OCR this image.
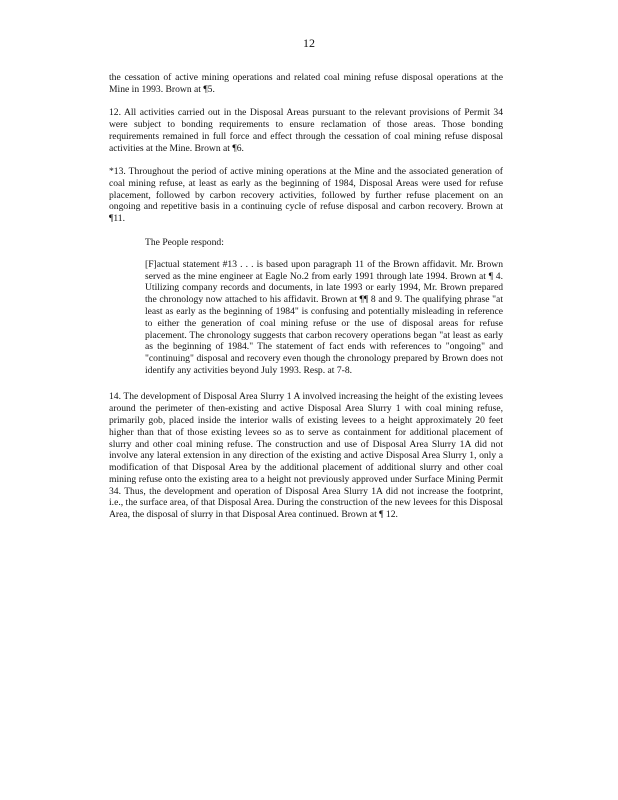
12

the cessation of active mining operations and related coal mining refuse disposal operations at the Mine in 1993. Brown at ¶5.

12. All activities carried out in the Disposal Areas pursuant to the relevant provisions of Permit 34 were subject to bonding requirements to ensure reclamation of those areas. Those bonding requirements remained in full force and effect through the cessation of coal mining refuse disposal activities at the Mine. Brown at ¶6.

*13. Throughout the period of active mining operations at the Mine and the associated generation of coal mining refuse, at least as early as the beginning of 1984, Disposal Areas were used for refuse placement, followed by carbon recovery activities, followed by further refuse placement on an ongoing and repetitive basis in a continuing cycle of refuse disposal and carbon recovery. Brown at ¶11.

The People respond:

[F]actual statement #13 . . . is based upon paragraph 11 of the Brown affidavit. Mr. Brown served as the mine engineer at Eagle No.2 from early 1991 through late 1994. Brown at ¶ 4. Utilizing company records and documents, in late 1993 or early 1994, Mr. Brown prepared the chronology now attached to his affidavit. Brown at ¶¶ 8 and 9. The qualifying phrase "at least as early as the beginning of 1984" is confusing and potentially misleading in reference to either the generation of coal mining refuse or the use of disposal areas for refuse placement. The chronology suggests that carbon recovery operations began "at least as early as the beginning of 1984." The statement of fact ends with references to "ongoing" and "continuing" disposal and recovery even though the chronology prepared by Brown does not identify any activities beyond July 1993. Resp. at 7-8.

14. The development of Disposal Area Slurry 1 A involved increasing the height of the existing levees around the perimeter of then-existing and active Disposal Area Slurry 1 with coal mining refuse, primarily gob, placed inside the interior walls of existing levees to a height approximately 20 feet higher than that of those existing levees so as to serve as containment for additional placement of slurry and other coal mining refuse. The construction and use of Disposal Area Slurry 1A did not involve any lateral extension in any direction of the existing and active Disposal Area Slurry 1, only a modification of that Disposal Area by the additional placement of additional slurry and other coal mining refuse onto the existing area to a height not previously approved under Surface Mining Permit 34. Thus, the development and operation of Disposal Area Slurry 1A did not increase the footprint, i.e., the surface area, of that Disposal Area. During the construction of the new levees for this Disposal Area, the disposal of slurry in that Disposal Area continued. Brown at ¶ 12.
